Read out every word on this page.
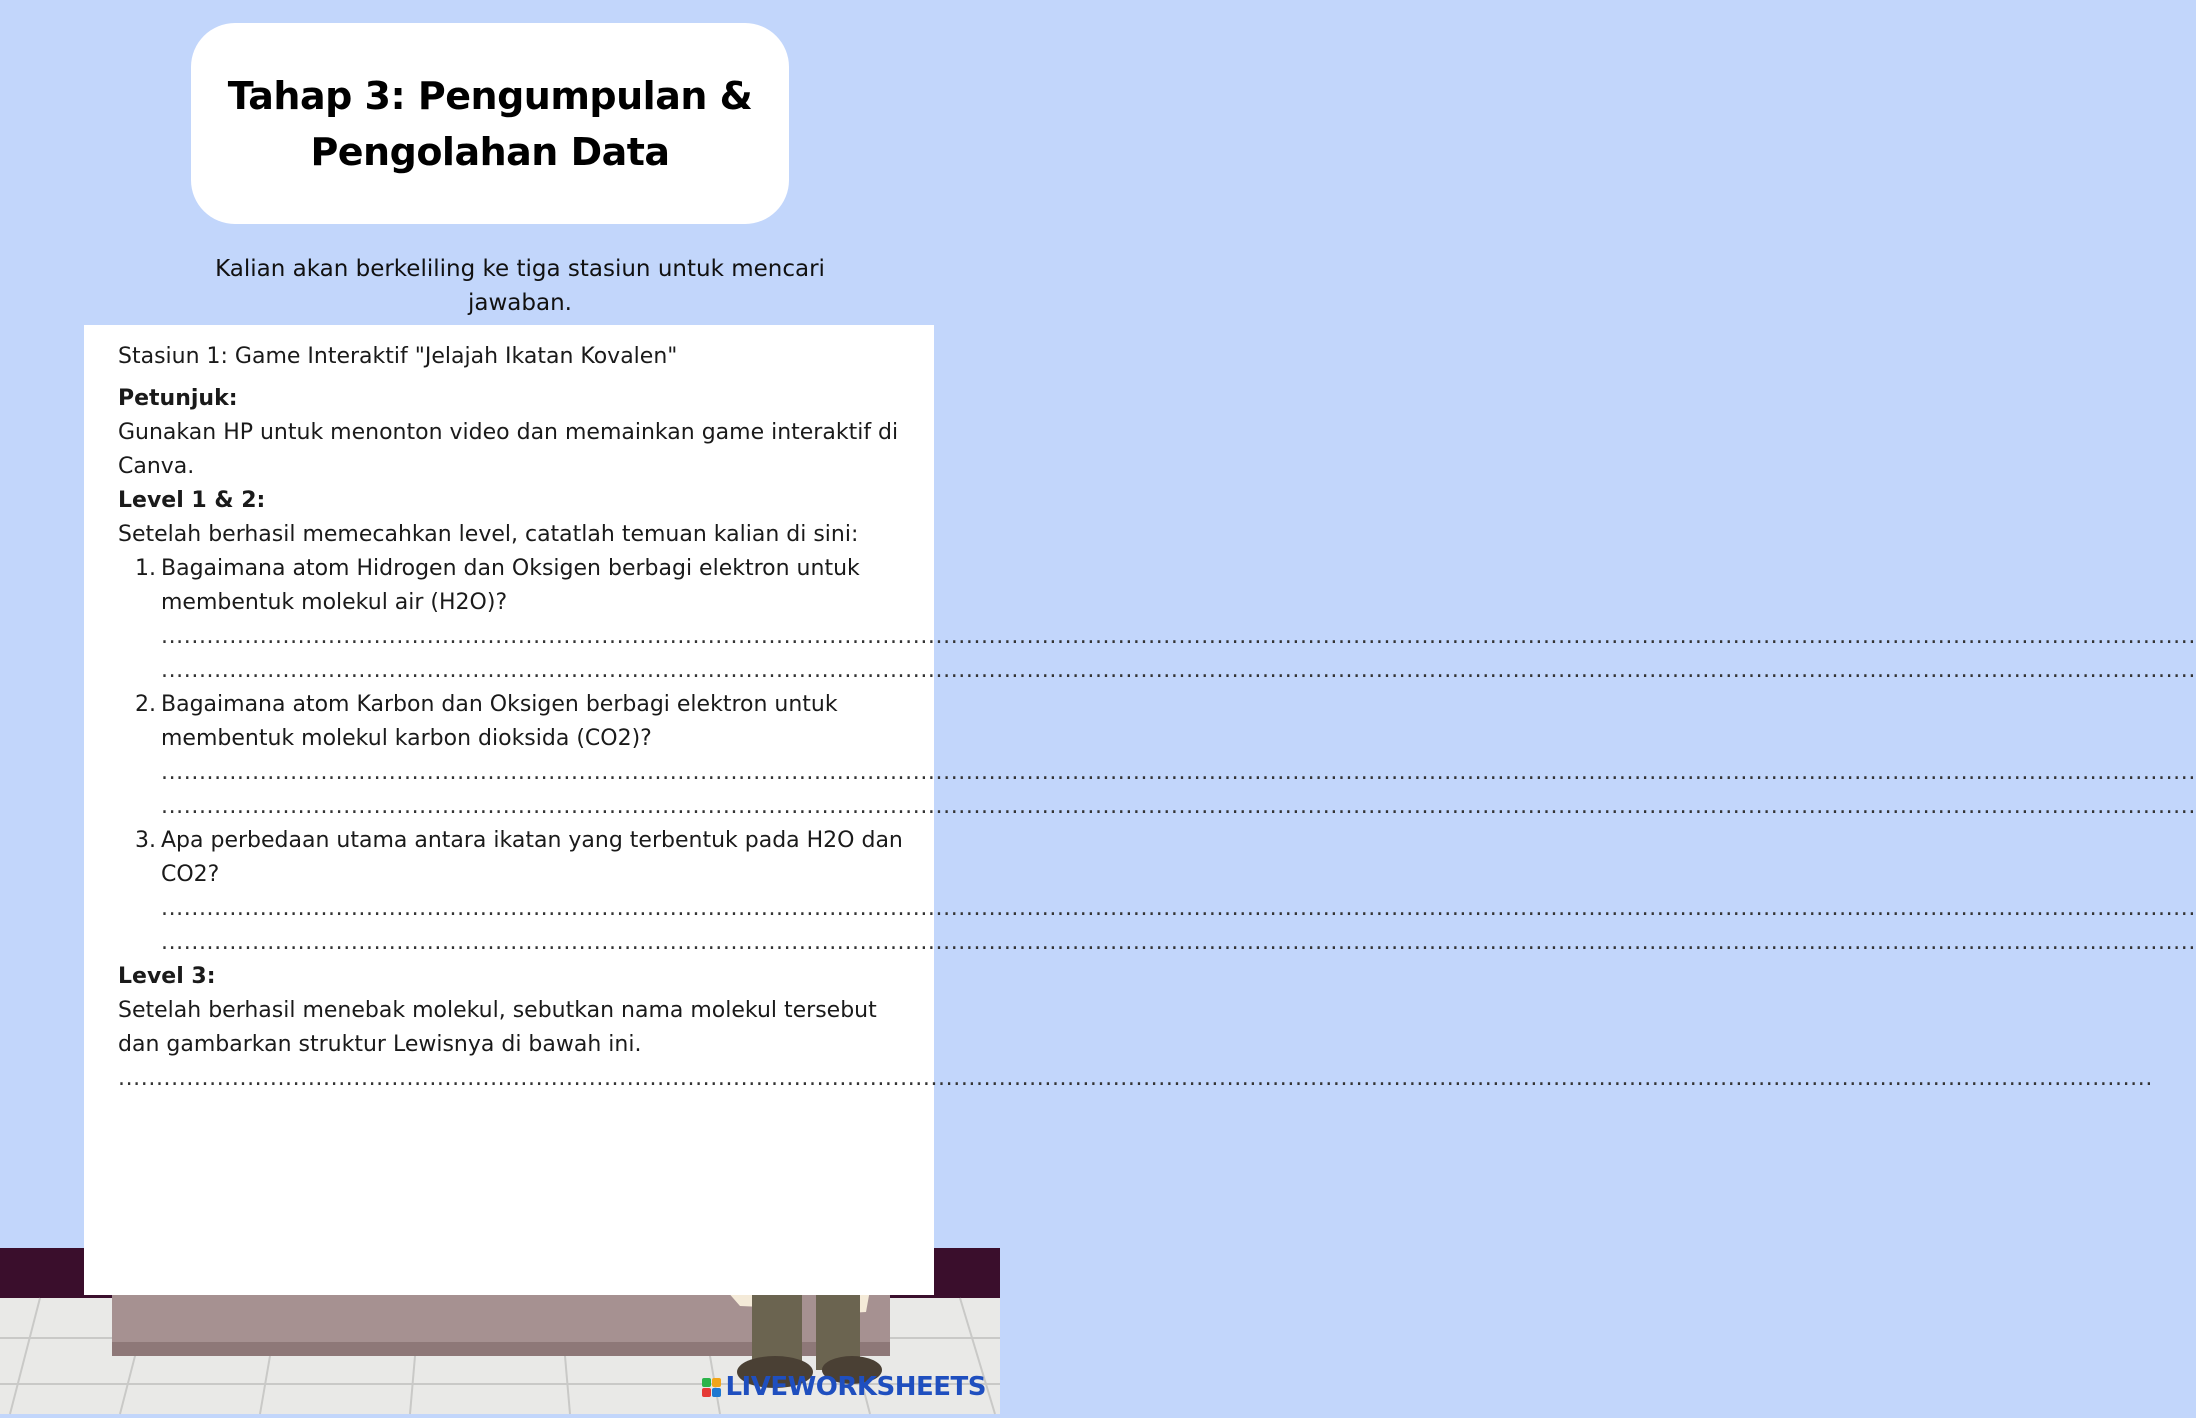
Tahap 3: Pengumpulan & Pengolahan Data

Kalian akan berkeliling ke tiga stasiun untuk mencari jawaban.

Stasiun 1: Game Interaktif "Jelajah Ikatan Kovalen"

Petunjuk:

Gunakan HP untuk menonton video dan memainkan game interaktif di Canva.

Level 1 & 2:

Setelah berhasil memecahkan level, catatlah temuan kalian di sini:

1. Bagaimana atom Hidrogen dan Oksigen berbagi elektron untuk membentuk molekul air (H2O)?
............................................................................................................................................................................................................................................................................
............................................................................................................................................................................................................................................................................
2. Bagaimana atom Karbon dan Oksigen berbagi elektron untuk membentuk molekul karbon dioksida (CO2)?
............................................................................................................................................................................................................................................................................
............................................................................................................................................................................................................................................................................
3. Apa perbedaan utama antara ikatan yang terbentuk pada H2O dan CO2?
............................................................................................................................................................................................................................................................................
............................................................................................................................................................................................................................................................................

Level 3:

Setelah berhasil menebak molekul, sebutkan nama molekul tersebut dan gambarkan struktur Lewisnya di bawah ini.

............................................................................................................................................................................................................................................................................
LIVEWORKSHEETS
